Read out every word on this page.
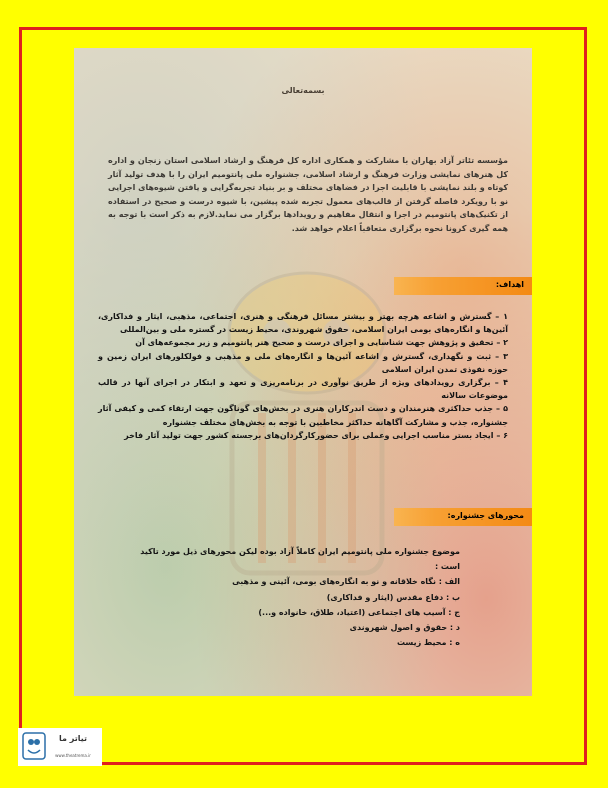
بسمه‌تعالی
مؤسسه تئاتر آزاد بهاران با مشارکت و همکاری اداره کل فرهنگ و ارشاد اسلامی استان زنجان و اداره کل هنرهای نمایشی وزارت فرهنگ و ارشاد اسلامی، جشنواره ملی پانتومیم ایران را با هدف تولید آثار کوتاه و بلند نمایشی با قابلیت اجرا در فضاهای مختلف و بر بنیاد تجربه‌گرایی و یافتن شیوه‌های اجرایی نو با رویکرد فاصله گرفتن از قالب‌های معمول تجربه شده پیشین، با شیوه درست و صحیح در استفاده از تکنیک‌های پانتومیم در اجرا و انتقال مفاهیم و رویدادها برگزار می نماید.لازم به ذکر است با توجه به همه گیری کرونا نحوه برگزاری متعاقباً اعلام خواهد شد.
اهداف:

۱ – گسترش و اشاعه هرچه بهتر و بیشتر مسائل فرهنگی و هنری، اجتماعی، مذهبی، ایثار و فداکاری، آئین‌ها و انگاره‌های بومی ایران اسلامی، حقوق شهروندی، محیط زیست در گستره ملی و بین‌المللی

۲ – تحقیق و پژوهش جهت شناسایی و اجرای درست و صحیح هنر پانتومیم و زیر مجموعه‌های آن

۳ – ثبت و نگهداری، گسترش و اشاعه آئین‌ها و انگاره‌های ملی و مذهبی و فولکلورهای ایران زمین و حوزه نفوذی تمدن ایران اسلامی

۴ – برگزاری رویدادهای ویژه از طریق نوآوری در برنامه‌ریزی و تعهد و ابتکار در اجرای آنها در قالب موضوعات سالانه

۵ – جذب حداکثری هنرمندان و دست اندرکاران هنری در بخش‌های گوناگون جهت ارتقاء کمی و کیفی آثار جشنواره، جذب و مشارکت آگاهانه حداکثر مخاطبین با توجه به بخش‌های مختلف جشنواره

۶ – ایجاد بستر مناسب اجرایی وعملی برای حضورکارگردان‌های برجسته کشور جهت تولید آثار فاخر

محورهای جشنواره:

موضوع جشنواره ملی پانتومیم ایران کاملاً آزاد بوده لیکن محورهای ذیل مورد تاکید است :

الف : نگاه خلاقانه و نو به انگاره‌های بومی، آئینی و مذهبی

ب : دفاع مقدس (ایثار و فداکاری)

ج : آسیب های اجتماعی (اعتیاد، طلاق، خانواده و...)

د : حقوق و اصول شهروندی

ه : محیط زیست

تیاتر ما
www.theatrema.ir
